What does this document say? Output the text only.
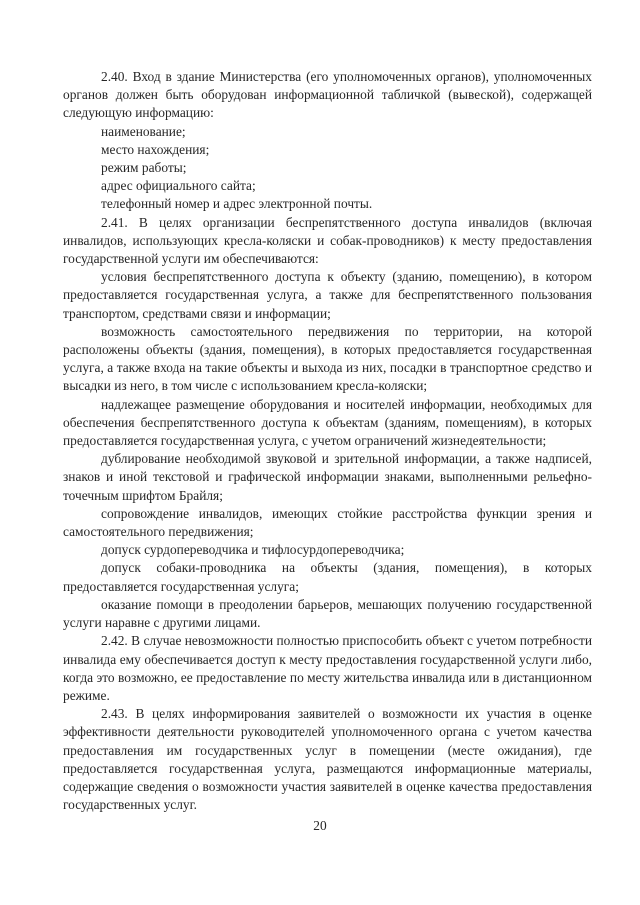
2.40. Вход в здание Министерства (его уполномоченных органов), уполномоченных органов должен быть оборудован информационной табличкой (вывеской), содержащей следующую информацию:

наименование;

место нахождения;

режим работы;

адрес официального сайта;

телефонный номер и адрес электронной почты.

2.41. В целях организации беспрепятственного доступа инвалидов (включая инвалидов, использующих кресла-коляски и собак-проводников) к месту предоставления государственной услуги им обеспечиваются:

условия беспрепятственного доступа к объекту (зданию, помещению), в котором предоставляется государственная услуга, а также для беспрепятственного пользования транспортом, средствами связи и информации;

возможность самостоятельного передвижения по территории, на которой расположены объекты (здания, помещения), в которых предоставляется государственная услуга, а также входа на такие объекты и выхода из них, посадки в транспортное средство и высадки из него, в том числе с использованием кресла-коляски;

надлежащее размещение оборудования и носителей информации, необходимых для обеспечения беспрепятственного доступа к объектам (зданиям, помещениям), в которых предоставляется государственная услуга, с учетом ограничений жизнедеятельности;

дублирование необходимой звуковой и зрительной информации, а также надписей, знаков и иной текстовой и графической информации знаками, выполненными рельефно-точечным шрифтом Брайля;

сопровождение инвалидов, имеющих стойкие расстройства функции зрения и самостоятельного передвижения;

допуск сурдопереводчика и тифлосурдопереводчика;

допуск собаки-проводника на объекты (здания, помещения), в которых предоставляется государственная услуга;

оказание помощи в преодолении барьеров, мешающих получению государственной услуги наравне с другими лицами.

2.42. В случае невозможности полностью приспособить объект с учетом потребности инвалида ему обеспечивается доступ к месту предоставления государственной услуги либо, когда это возможно, ее предоставление по месту жительства инвалида или в дистанционном режиме.

2.43. В целях информирования заявителей о возможности их участия в оценке эффективности деятельности руководителей уполномоченного органа с учетом качества предоставления им государственных услуг в помещении (месте ожидания), где предоставляется государственная услуга, размещаются информационные материалы, содержащие сведения о возможности участия заявителей в оценке качества предоставления государственных услуг.

20
